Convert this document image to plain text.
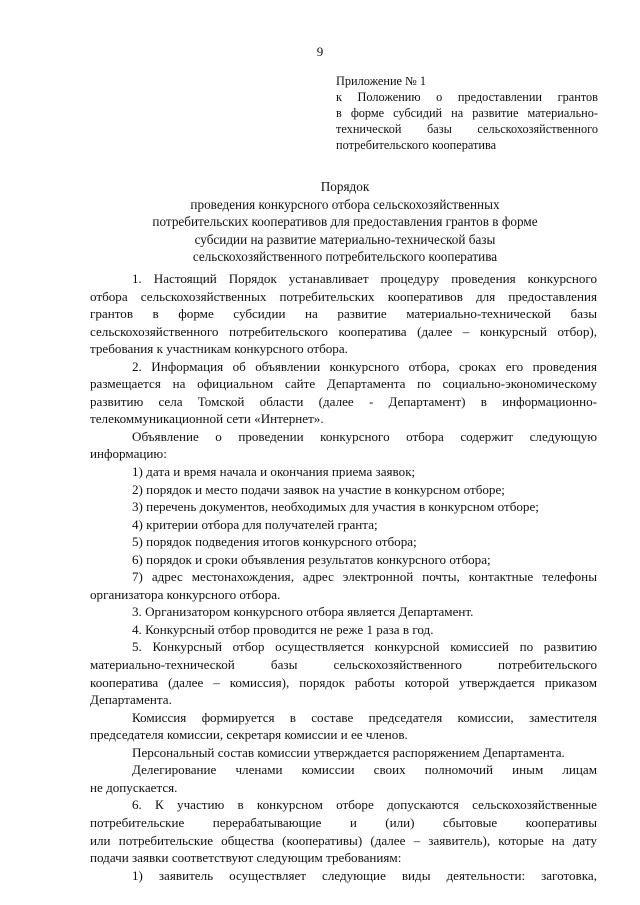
9
Приложение № 1
к Положению о предоставлении грантов
в форме субсидий на развитие материально-
технической базы сельскохозяйственного
потребительского кооператива
Порядок
проведения конкурсного отбора сельскохозяйственных
потребительских кооперативов для предоставления грантов в форме
субсидии на развитие материально-технической базы
сельскохозяйственного потребительского кооператива
1. Настоящий Порядок устанавливает процедуру проведения конкурсного
отбора сельскохозяйственных потребительских кооперативов для предоставления
грантов в форме субсидии на развитие материально-технической базы
сельскохозяйственного потребительского кооператива (далее – конкурсный отбор),
требования к участникам конкурсного отбора.
2. Информация об объявлении конкурсного отбора, сроках его проведения
размещается на официальном сайте Департамента по социально-экономическому
развитию села Томской области (далее - Департамент) в информационно-
телекоммуникационной сети «Интернет».
Объявление о проведении конкурсного отбора содержит следующую
информацию:
1) дата и время начала и окончания приема заявок;
2) порядок и место подачи заявок на участие в конкурсном отборе;
3) перечень документов, необходимых для участия в конкурсном отборе;
4) критерии отбора для получателей гранта;
5) порядок подведения итогов конкурсного отбора;
6) порядок и сроки объявления результатов конкурсного отбора;
7) адрес местонахождения, адрес электронной почты, контактные телефоны
организатора конкурсного отбора.
3. Организатором конкурсного отбора является Департамент.
4. Конкурсный отбор проводится не реже 1 раза в год.
5. Конкурсный отбор осуществляется конкурсной комиссией по развитию
материально-технической базы сельскохозяйственного потребительского
кооператива (далее – комиссия), порядок работы которой утверждается приказом
Департамента.
Комиссия формируется в составе председателя комиссии, заместителя
председателя комиссии, секретаря комиссии и ее членов.
Персональный состав комиссии утверждается распоряжением Департамента.
Делегирование членами комиссии своих полномочий иным лицам
не допускается.
6. К участию в конкурсном отборе допускаются сельскохозяйственные
потребительские перерабатывающие и (или) сбытовые кооперативы
или потребительские общества (кооперативы) (далее – заявитель), которые на дату
подачи заявки соответствуют следующим требованиям:
1) заявитель осуществляет следующие виды деятельности: заготовка,
